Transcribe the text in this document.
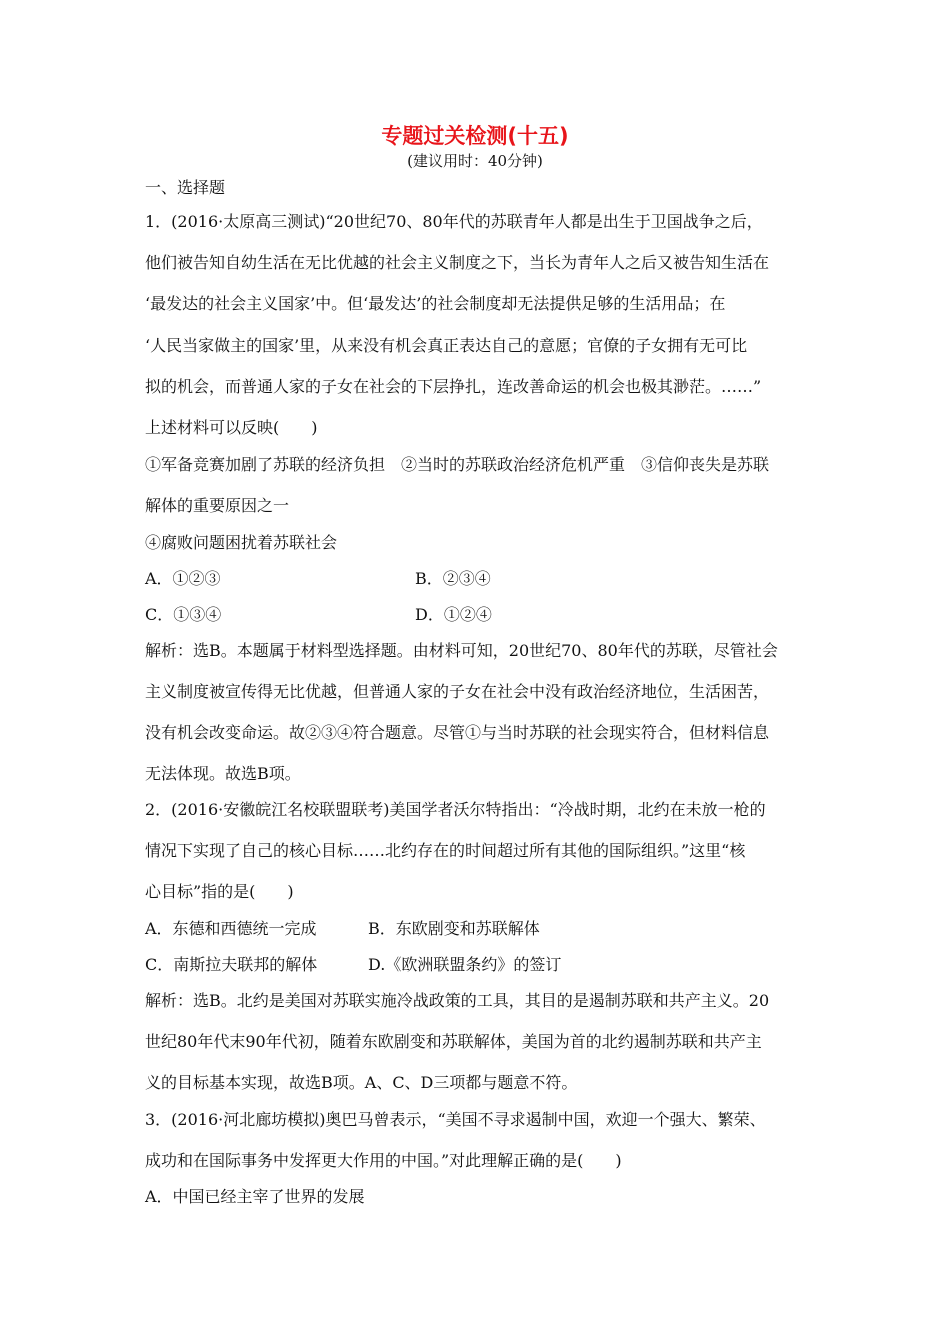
专题过关检测(十五)
(建议用时：40分钟)
一、选择题
1．(2016·太原高三测试)“20世纪70、80年代的苏联青年人都是出生于卫国战争之后，
他们被告知自幼生活在无比优越的社会主义制度之下，当长为青年人之后又被告知生活在
‘最发达的社会主义国家’中。但‘最发达’的社会制度却无法提供足够的生活用品；在
‘人民当家做主的国家’里，从来没有机会真正表达自己的意愿；官僚的子女拥有无可比
拟的机会，而普通人家的子女在社会的下层挣扎，连改善命运的机会也极其渺茫。……”
上述材料可以反映(　　)
①军备竞赛加剧了苏联的经济负担　②当时的苏联政治经济危机严重　③信仰丧失是苏联
解体的重要原因之一
④腐败问题困扰着苏联社会
A．①②③	B．②③④
C．①③④	D．①②④
解析：选B。本题属于材料型选择题。由材料可知，20世纪70、80年代的苏联，尽管社会
主义制度被宣传得无比优越，但普通人家的子女在社会中没有政治经济地位，生活困苦，
没有机会改变命运。故②③④符合题意。尽管①与当时苏联的社会现实符合，但材料信息
无法体现。故选B项。
2．(2016·安徽皖江名校联盟联考)美国学者沃尔特指出：“冷战时期，北约在未放一枪的
情况下实现了自己的核心目标……北约存在的时间超过所有其他的国际组织。”这里“核
心目标”指的是(　　)
A．东德和西德统一完成	B．东欧剧变和苏联解体
C．南斯拉夫联邦的解体	D.《欧洲联盟条约》的签订
解析：选B。北约是美国对苏联实施冷战政策的工具，其目的是遏制苏联和共产主义。20
世纪80年代末90年代初，随着东欧剧变和苏联解体，美国为首的北约遏制苏联和共产主
义的目标基本实现，故选B项。A、C、D三项都与题意不符。
3．(2016·河北廊坊模拟)奥巴马曾表示，“美国不寻求遏制中国，欢迎一个强大、繁荣、
成功和在国际事务中发挥更大作用的中国。”对此理解正确的是(　　)
A．中国已经主宰了世界的发展
